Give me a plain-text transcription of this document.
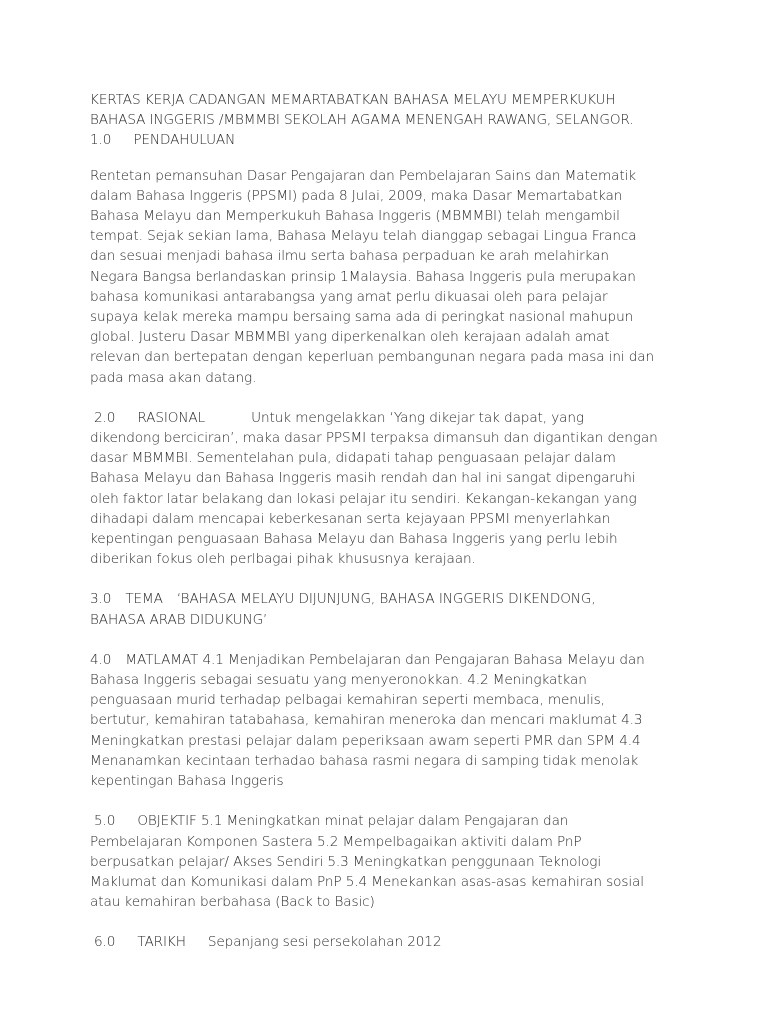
KERTAS KERJA CADANGAN MEMARTABATKAN BAHASA MELAYU MEMPERKUKUH
BAHASA INGGERIS /MBMMBI SEKOLAH AGAMA MENENGAH RAWANG, SELANGOR.
1.0 PENDAHULUAN

Rentetan pemansuhan Dasar Pengajaran dan Pembelajaran Sains dan Matematik
dalam Bahasa Inggeris (PPSMI) pada 8 Julai, 2009, maka Dasar Memartabatkan
Bahasa Melayu dan Memperkukuh Bahasa Inggeris (MBMMBI) telah mengambil
tempat. Sejak sekian lama, Bahasa Melayu telah dianggap sebagai Lingua Franca
dan sesuai menjadi bahasa ilmu serta bahasa perpaduan ke arah melahirkan
Negara Bangsa berlandaskan prinsip 1Malaysia. Bahasa Inggeris pula merupakan
bahasa komunikasi antarabangsa yang amat perlu dikuasai oleh para pelajar
supaya kelak mereka mampu bersaing sama ada di peringkat nasional mahupun
global. Justeru Dasar MBMMBI yang diperkenalkan oleh kerajaan adalah amat
relevan dan bertepatan dengan keperluan pembangunan negara pada masa ini dan
pada masa akan datang.

2.0 RASIONAL	Untuk mengelakkan ‘Yang dikejar tak dapat, yang
dikendong berciciran’, maka dasar PPSMI terpaksa dimansuh dan digantikan dengan
dasar MBMMBI. Sementelahan pula, didapati tahap penguasaan pelajar dalam
Bahasa Melayu dan Bahasa Inggeris masih rendah dan hal ini sangat dipengaruhi
oleh faktor latar belakang dan lokasi pelajar itu sendiri. Kekangan-kekangan yang
dihadapi dalam mencapai keberkesanan serta kejayaan PPSMI menyerlahkan
kepentingan penguasaan Bahasa Melayu dan Bahasa Inggeris yang perlu lebih
diberikan fokus oleh perlbagai pihak khususnya kerajaan.

3.0 TEMA ‘BAHASA MELAYU DIJUNJUNG, BAHASA INGGERIS DIKENDONG,
BAHASA ARAB DIDUKUNG’

4.0 MATLAMAT 4.1 Menjadikan Pembelajaran dan Pengajaran Bahasa Melayu dan
Bahasa Inggeris sebagai sesuatu yang menyeronokkan. 4.2 Meningkatkan
penguasaan murid terhadap pelbagai kemahiran seperti membaca, menulis,
bertutur, kemahiran tatabahasa, kemahiran meneroka dan mencari maklumat 4.3
Meningkatkan prestasi pelajar dalam peperiksaan awam seperti PMR dan SPM 4.4
Menanamkan kecintaan terhadao bahasa rasmi negara di samping tidak menolak
kepentingan Bahasa Inggeris

5.0 OBJEKTIF 5.1 Meningkatkan minat pelajar dalam Pengajaran dan
Pembelajaran Komponen Sastera 5.2 Mempelbagaikan aktiviti dalam PnP
berpusatkan pelajar/ Akses Sendiri 5.3 Meningkatkan penggunaan Teknologi
Maklumat dan Komunikasi dalam PnP 5.4 Menekankan asas-asas kemahiran sosial
atau kemahiran berbahasa (Back to Basic)

6.0 TARIKH Sepanjang sesi persekolahan 2012
